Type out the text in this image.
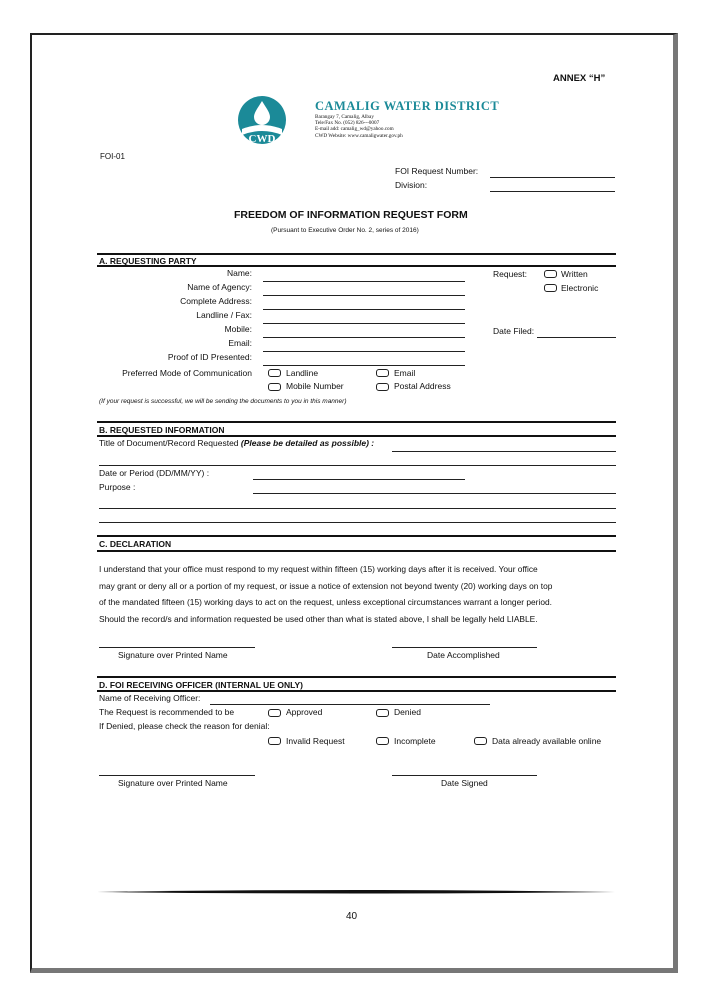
ANNEX “H”
CWD
CAMALIG WATER DISTRICT
Barangay 7, Camalig, Albay
Tele/Fax No. (052) 826---0007
E-mail add: camalig_wd@yahoo.com
CWD Website: www.camaligwater.gov.ph
FOI-01
FOI Request Number:
Division:
FREEDOM OF INFORMATION REQUEST FORM
(Pursuant to Executive Order No. 2, series of 2016)
A. REQUESTING PARTY
Name:
Name of Agency:
Complete Address:
Landline / Fax:
Mobile:
Email:
Proof of ID Presented:
Preferred Mode of Communication	Landline	Email
Mobile Number	Postal Address
Request:	Written
Electronic
Date Filed:
(If your request is successful, we will be sending the documents to you in this manner)
B. REQUESTED INFORMATION
Title of Document/Record Requested (Please be detailed as possible) :
Date or Period (DD/MM/YY) :
Purpose :
C. DECLARATION
I understand that your office must respond to my request within fifteen (15) working days after it is received. Your office
may grant or deny all or a portion of my request, or issue a notice of extension not beyond twenty (20) working days on top
of the mandated fifteen (15) working days to act on the request, unless exceptional circumstances warrant a longer period.
Should the record/s and information requested be used other than what is stated above, I shall be legally held LIABLE.
Signature over Printed Name	Date Accomplished
D. FOI RECEIVING OFFICER (INTERNAL UE ONLY)
Name of Receiving Officer:
The Request is recommended to be	Approved	Denied
If Denied, please check the reason for denial:
Invalid Request	Incomplete	Data already available online
Signature over Printed Name	Date Signed
40
